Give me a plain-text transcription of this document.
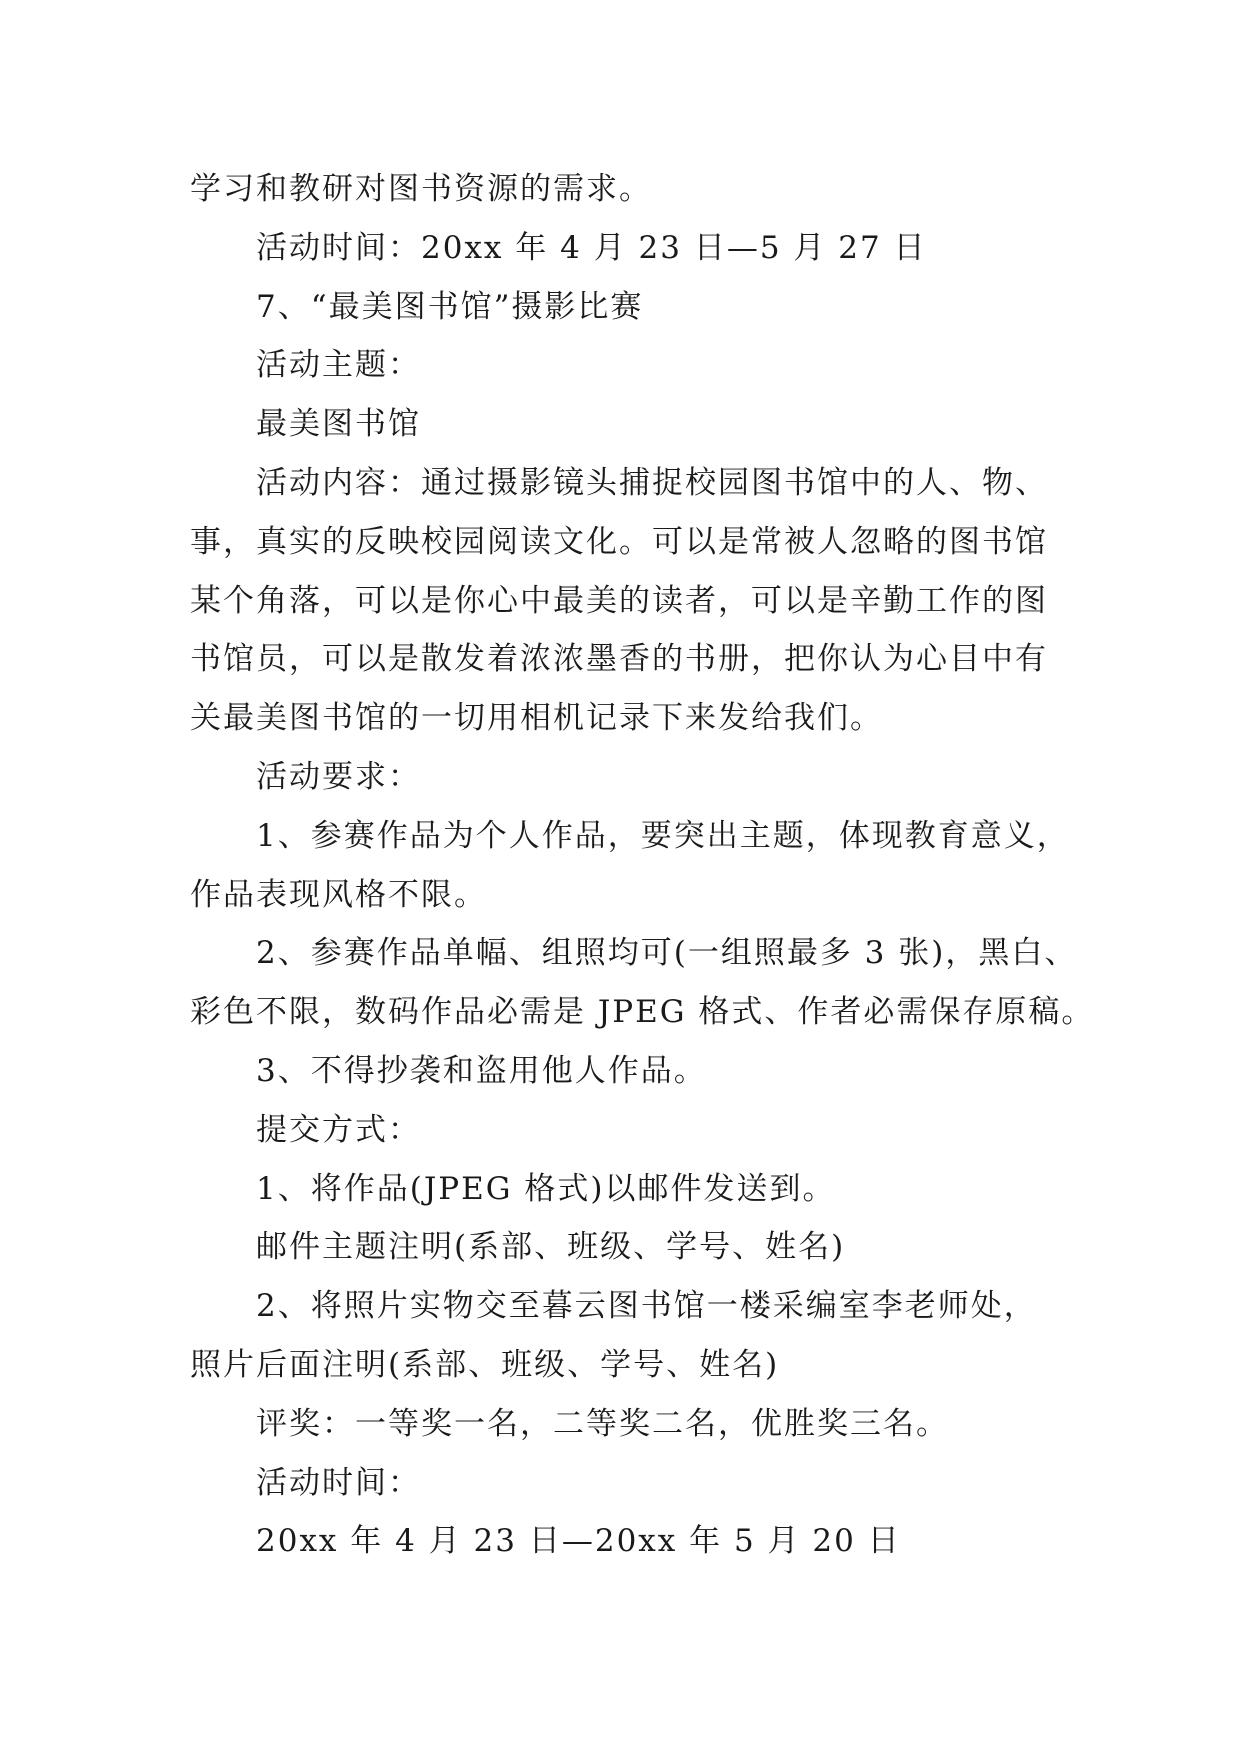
学习和教研对图书资源的需求。
活动时间：20xx 年 4 月 23 日—5 月 27 日
7、“最美图书馆”摄影比赛
活动主题：
最美图书馆
活动内容：通过摄影镜头捕捉校园图书馆中的人、物、
事，真实的反映校园阅读文化。可以是常被人忽略的图书馆
某个角落，可以是你心中最美的读者，可以是辛勤工作的图
书馆员，可以是散发着浓浓墨香的书册，把你认为心目中有
关最美图书馆的一切用相机记录下来发给我们。
活动要求：
1、参赛作品为个人作品，要突出主题，体现教育意义，
作品表现风格不限。
2、参赛作品单幅、组照均可(一组照最多 3 张)，黑白、
彩色不限，数码作品必需是 JPEG 格式、作者必需保存原稿。
3、不得抄袭和盗用他人作品。
提交方式：
1、将作品(JPEG 格式)以邮件发送到。
邮件主题注明(系部、班级、学号、姓名)
2、将照片实物交至暮云图书馆一楼采编室李老师处，
照片后面注明(系部、班级、学号、姓名)
评奖：一等奖一名，二等奖二名，优胜奖三名。
活动时间：
20xx 年 4 月 23 日—20xx 年 5 月 20 日
